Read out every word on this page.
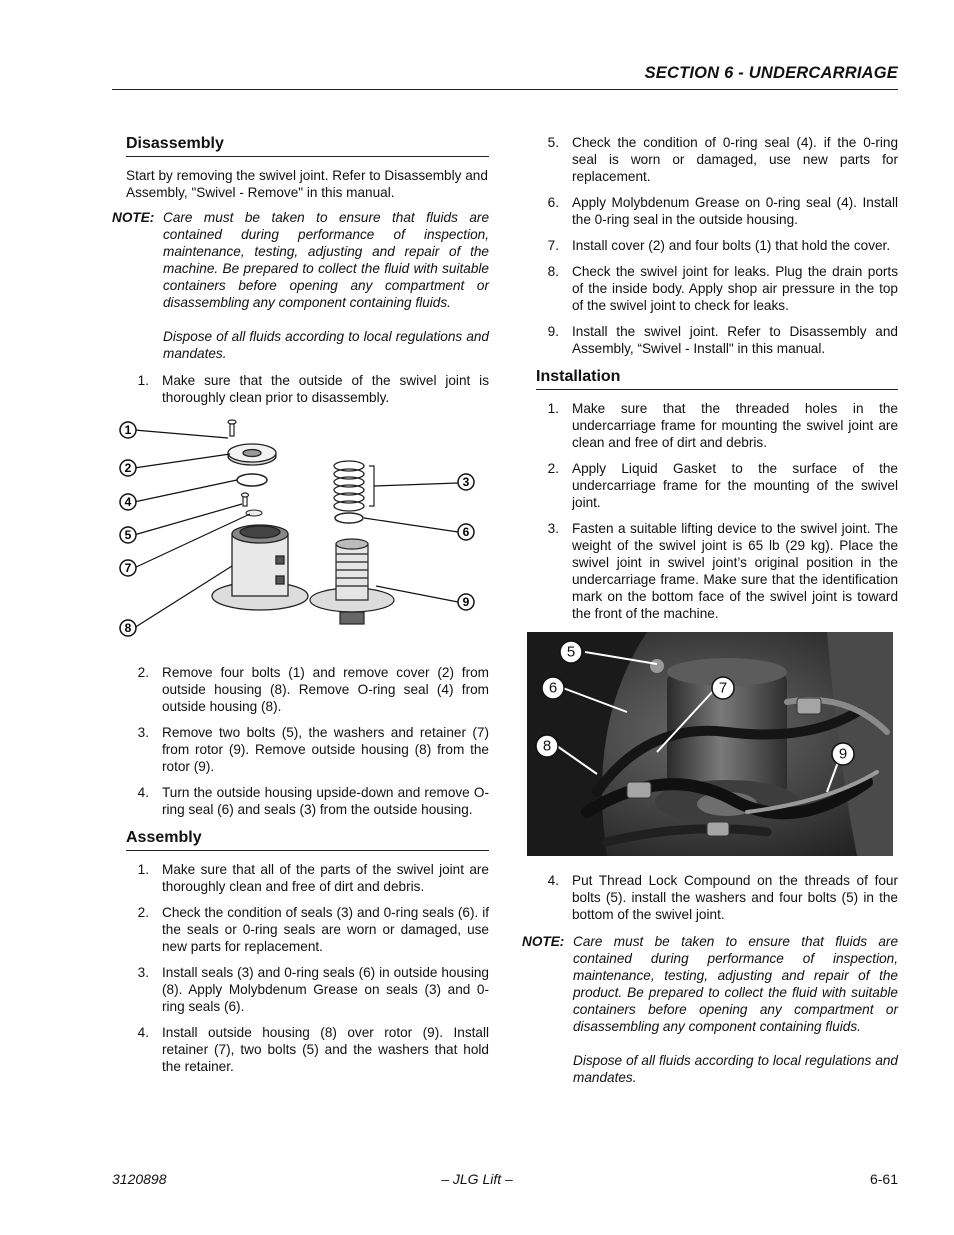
SECTION 6 - UNDERCARRIAGE
Disassembly

Start by removing the swivel joint. Refer to Disassembly and Assembly, "Swivel - Remove" in this manual.

NOTE: Care must be taken to ensure that fluids are contained during performance of inspection, maintenance, testing, adjusting and repair of the machine. Be prepared to collect the fluid with suitable containers before opening any compartment or disassembling any component containing fluids.

Dispose of all fluids according to local regulations and mandates.

1. Make sure that the outside of the swivel joint is thoroughly clean prior to disassembly.
1
2
4
5
7
8
3
6
9
2. Remove four bolts (1) and remove cover (2) from outside housing (8). Remove O-ring seal (4) from outside housing (8).
3. Remove two bolts (5), the washers and retainer (7) from rotor (9). Remove outside housing (8) from the rotor (9).
4. Turn the outside housing upside-down and remove O-ring seal (6) and seals (3) from the outside housing.
Assembly
1. Make sure that all of the parts of the swivel joint are thoroughly clean and free of dirt and debris.
2. Check the condition of seals (3) and 0-ring seals (6). if the seals or 0-ring seals are worn or damaged, use new parts for replacement.
3. Install seals (3) and 0-ring seals (6) in outside housing (8). Apply Molybdenum Grease on seals (3) and 0-ring seals (6).
4. Install outside housing (8) over rotor (9). Install retainer (7), two bolts (5) and the washers that hold the retainer.
5. Check the condition of 0-ring seal (4). if the 0-ring seal is worn or damaged, use new parts for replacement.
6. Apply Molybdenum Grease on 0-ring seal (4). Install the 0-ring seal in the outside housing.
7. Install cover (2) and four bolts (1) that hold the cover.
8. Check the swivel joint for leaks. Plug the drain ports of the inside body. Apply shop air pressure in the top of the swivel joint to check for leaks.
9. Install the swivel joint. Refer to Disassembly and Assembly, “Swivel - Install" in this manual.
Installation
1. Make sure that the threaded holes in the undercarriage frame for mounting the swivel joint are clean and free of dirt and debris.
2. Apply Liquid Gasket to the surface of the undercarriage frame for the mounting of the swivel joint.
3. Fasten a suitable lifting device to the swivel joint. The weight of the swivel joint is 65 lb (29 kg). Place the swivel joint in swivel joint’s original position in the undercarriage frame. Make sure that the identification mark on the bottom face of the swivel joint is toward the front of the machine.
5
6	7
8	9
4. Put Thread Lock Compound on the threads of four bolts (5). install the washers and four bolts (5) in the bottom of the swivel joint.
NOTE: Care must be taken to ensure that fluids are contained during performance of inspection, maintenance, testing, adjusting and repair of the product. Be prepared to collect the fluid with suitable containers before opening any compartment or disassembling any component containing fluids.

Dispose of all fluids according to local regulations and mandates.

– JLG Lift –
3120898	6-61
